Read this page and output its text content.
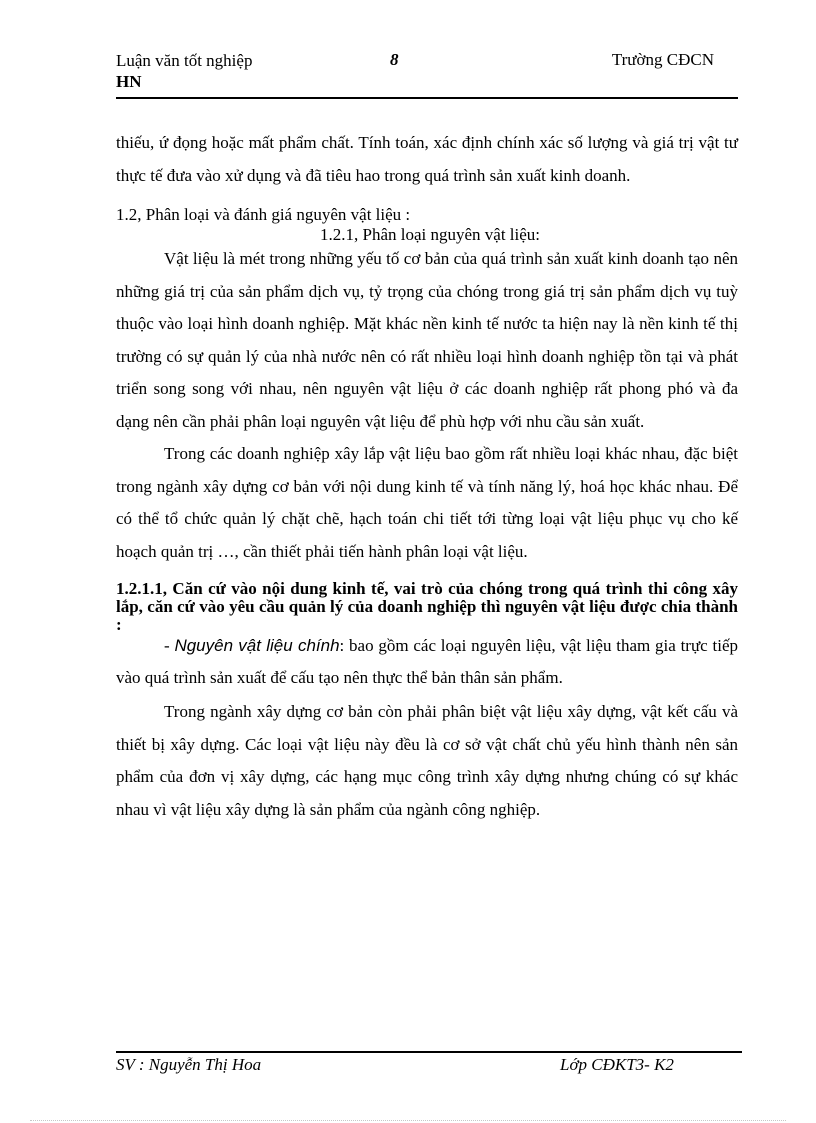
Luận văn tốt nghiệp
HN
8	Trường CĐCN

thiếu, ứ đọng hoặc mất phẩm chất. Tính toán, xác định chính xác số lượng và giá trị vật tư thực tế đưa vào xử dụng và đã tiêu hao trong quá trình sản xuất kinh doanh.

1.2, Phân loại và đánh giá nguyên vật liệu :

1.2.1, Phân loại nguyên vật liệu:

Vật liệu là mét trong những yếu tố cơ bản của quá trình sản xuất kinh doanh tạo nên những giá trị của sản phẩm dịch vụ, tỷ trọng của chóng trong giá trị sản phẩm dịch vụ tuỳ thuộc vào loại hình doanh nghiệp. Mặt khác nền kinh tế nước ta hiện nay là nền kinh tế thị trường có sự quản lý của nhà nước nên có rất nhiều loại hình doanh nghiệp tồn tại và phát triển song song với nhau, nên nguyên vật liệu ở các doanh nghiệp rất phong phó và đa dạng nên cần phải phân loại nguyên vật liệu để phù hợp với nhu cầu sản xuất.

Trong các doanh nghiệp xây lắp vật liệu bao gồm rất nhiều loại khác nhau, đặc biệt trong ngành xây dựng cơ bản với nội dung kinh tế và tính năng lý, hoá học khác nhau. Để có thể tổ chức quản lý chặt chẽ, hạch toán chi tiết tới từng loại vật liệu phục vụ cho kế hoạch quản trị …, cần thiết phải tiến hành phân loại vật liệu.

1.2.1.1, Căn cứ vào nội dung kinh tế, vai trò của chóng trong quá trình thi công xây lắp, căn cứ vào yêu cầu quản lý của doanh nghiệp thì nguyên vật liệu được chia thành :

- Nguyên vật liệu chính: bao gồm các loại nguyên liệu, vật liệu tham gia trực tiếp vào quá trình sản xuất để cấu tạo nên thực thể bản thân sản phẩm.

Trong ngành xây dựng cơ bản còn phải phân biệt vật liệu xây dựng, vật kết cấu và thiết bị xây dựng. Các loại vật liệu này đều là cơ sở vật chất chủ yếu hình thành nên sản phẩm của đơn vị xây dựng, các hạng mục công trình xây dựng nhưng chúng có sự khác nhau vì vật liệu xây dựng là sản phẩm của ngành công nghiệp.

SV : Nguyễn Thị Hoa	Lớp CĐKT3- K2
